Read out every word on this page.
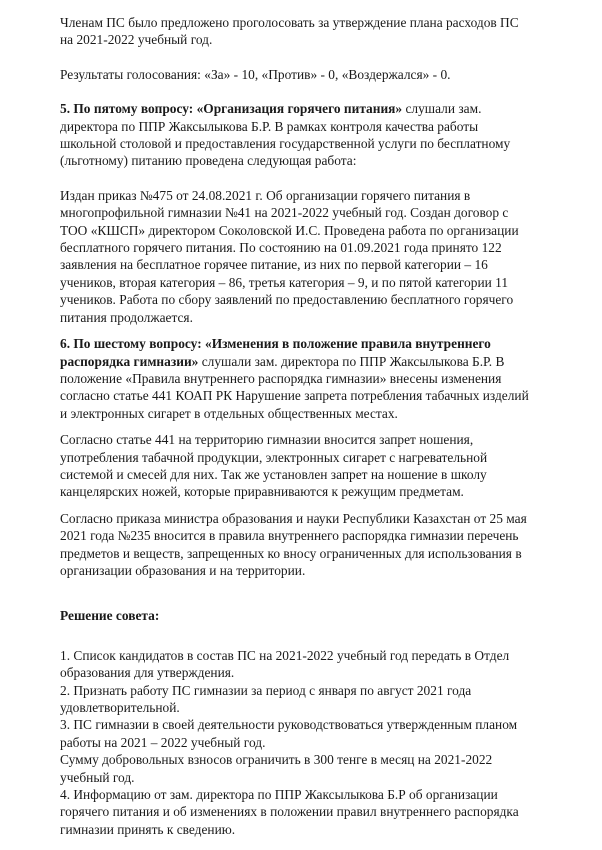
Членам ПС было предложено проголосовать за утверждение плана расходов ПС
на 2021-2022 учебный год.
Результаты голосования: «За» - 10, «Против» - 0, «Воздержался» - 0.
5. По пятому вопросу: «Организация горячего питания» слушали зам.
директора по ППР Жаксылыкова Б.Р. В рамках контроля качества работы
школьной столовой и предоставления государственной услуги по бесплатному
(льготному) питанию проведена следующая работа:
Издан приказ №475 от 24.08.2021 г. Об организации горячего питания в
многопрофильной гимназии №41 на 2021-2022 учебный год. Создан договор с
ТОО «КШСП» директором Соколовской И.С. Проведена работа по организации
бесплатного горячего питания. По состоянию на 01.09.2021 года принято 122
заявления на бесплатное горячее питание, из них по первой категории – 16
учеников, вторая категория – 86, третья категория – 9, и по пятой категории 11
учеников. Работа по сбору заявлений по предоставлению бесплатного горячего
питания продолжается.
6. По шестому вопросу: «Изменения в положение правила внутреннего
распорядка гимназии» слушали зам. директора по ППР Жаксылыкова Б.Р. В
положение «Правила внутреннего распорядка гимназии» внесены изменения
согласно статье 441 КОАП РК Нарушение запрета потребления табачных изделий
и электронных сигарет в отдельных общественных местах.
Согласно статье 441 на территорию гимназии вносится запрет ношения,
употребления табачной продукции, электронных сигарет с нагревательной
системой и смесей для них. Так же установлен запрет на ношение в школу
канцелярских ножей, которые приравниваются к режущим предметам.
Согласно приказа министра образования и науки Республики Казахстан от 25 мая
2021 года №235 вносится в правила внутреннего распорядка гимназии перечень
предметов и веществ, запрещенных ко вносу ограниченных для использования в
организации образования и на территории.
Решение совета:
1. Список кандидатов в состав ПС на 2021-2022 учебный год передать в Отдел
образования для утверждения.
2. Признать работу ПС гимназии за период с января по август 2021 года
удовлетворительной.
3. ПС гимназии в своей деятельности руководствоваться утвержденным планом
работы на 2021 – 2022 учебный год.
Сумму добровольных взносов ограничить в 300 тенге в месяц на 2021-2022
учебный год.
4. Информацию от зам. директора по ППР Жаксылыкова Б.Р об организации
горячего питания и об изменениях в положении правил внутреннего распорядка
гимназии принять к сведению.
